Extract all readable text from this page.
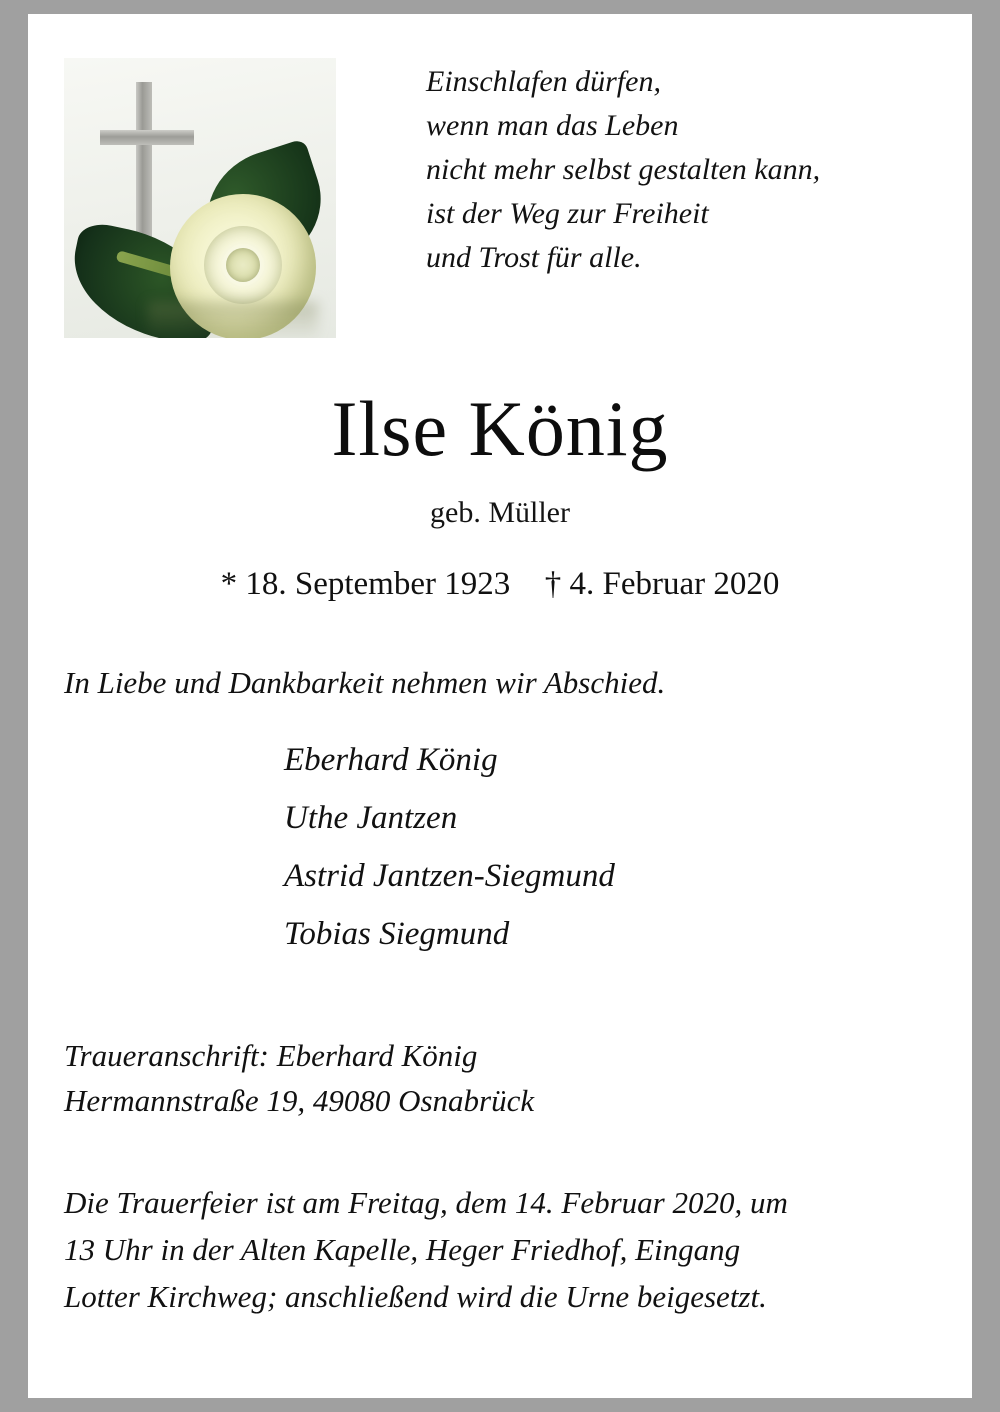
Einschlafen dürfen,
wenn man das Leben
nicht mehr selbst gestalten kann,
ist der Weg zur Freiheit
und Trost für alle.
Ilse König
geb. Müller
* 18. September 1923 † 4. Februar 2020
In Liebe und Dankbarkeit nehmen wir Abschied.
Eberhard König
Uthe Jantzen
Astrid Jantzen-Siegmund
Tobias Siegmund
Traueranschrift: Eberhard König
Hermannstraße 19, 49080 Osnabrück
Die Trauerfeier ist am Freitag, dem 14. Februar 2020, um
13 Uhr in der Alten Kapelle, Heger Friedhof, Eingang
Lotter Kirchweg; anschließend wird die Urne beigesetzt.
